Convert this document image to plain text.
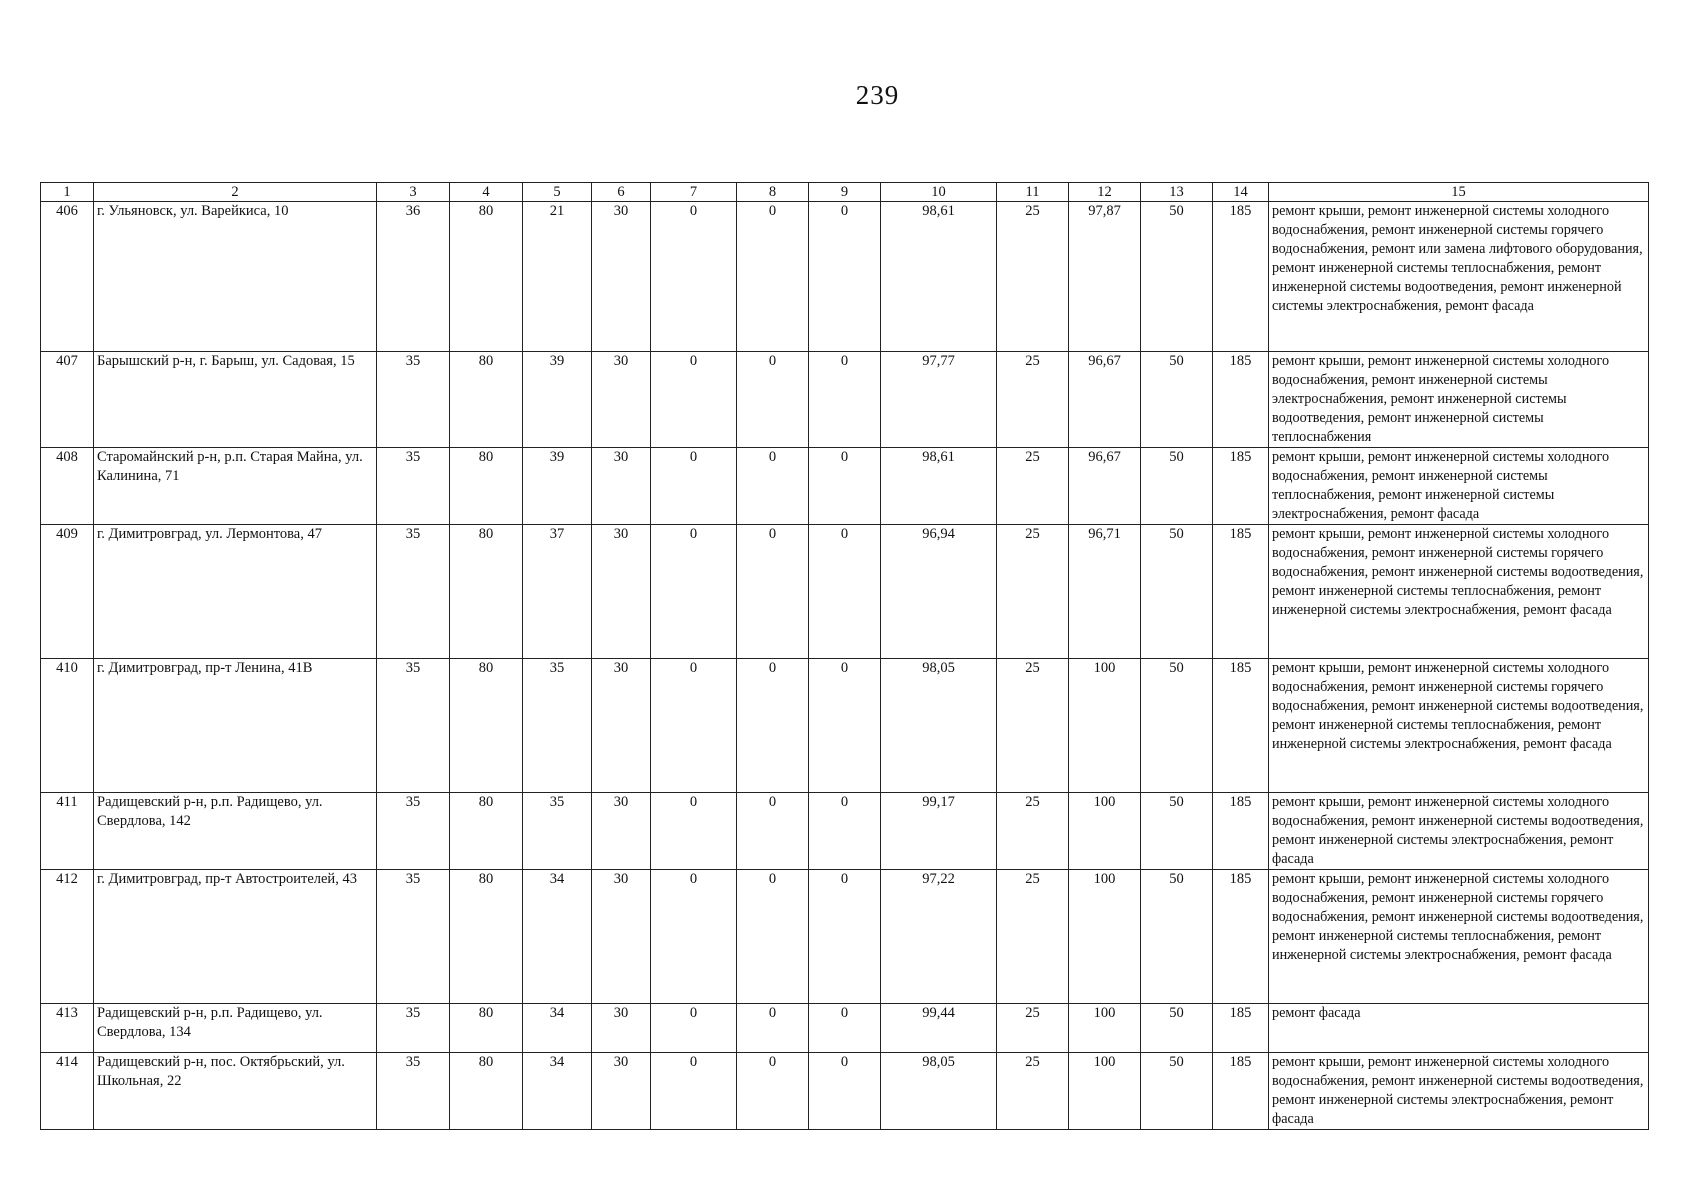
239
1	2	3	4	5	6	7	8	9	10	11	12	13	14	15
406	г. Ульяновск, ул. Варейкиса, 10	36	80	21	30	0	0	0	98,61	25	97,87	50	185	ремонт крыши, ремонт инженерной системы холодного водоснабжения, ремонт инженерной системы горячего водоснабжения, ремонт или замена лифтового оборудования, ремонт инженерной системы теплоснабжения, ремонт инженерной системы водоотведения, ремонт инженерной системы электроснабжения, ремонт фасада
407	Барышский р-н, г. Барыш, ул. Садовая, 15	35	80	39	30	0	0	0	97,77	25	96,67	50	185	ремонт крыши, ремонт инженерной системы холодного водоснабжения, ремонт инженерной системы электроснабжения, ремонт инженерной системы водоотведения, ремонт инженерной системы теплоснабжения
408	Старомайнский р-н, р.п. Старая Майна, ул. Калинина, 71	35	80	39	30	0	0	0	98,61	25	96,67	50	185	ремонт крыши, ремонт инженерной системы холодного водоснабжения, ремонт инженерной системы теплоснабжения, ремонт инженерной системы электроснабжения, ремонт фасада
409	г. Димитровград, ул. Лермонтова, 47	35	80	37	30	0	0	0	96,94	25	96,71	50	185	ремонт крыши, ремонт инженерной системы холодного водоснабжения, ремонт инженерной системы горячего водоснабжения, ремонт инженерной системы водоотведения, ремонт инженерной системы теплоснабжения, ремонт инженерной системы электроснабжения, ремонт фасада
410	г. Димитровград, пр-т Ленина, 41В	35	80	35	30	0	0	0	98,05	25	100	50	185	ремонт крыши, ремонт инженерной системы холодного водоснабжения, ремонт инженерной системы горячего водоснабжения, ремонт инженерной системы водоотведения, ремонт инженерной системы теплоснабжения, ремонт инженерной системы электроснабжения, ремонт фасада
411	Радищевский р-н, р.п. Радищево, ул. Свердлова, 142	35	80	35	30	0	0	0	99,17	25	100	50	185	ремонт крыши, ремонт инженерной системы холодного водоснабжения, ремонт инженерной системы водоотведения, ремонт инженерной системы электроснабжения, ремонт фасада
412	г. Димитровград, пр-т Автостроителей, 43	35	80	34	30	0	0	0	97,22	25	100	50	185	ремонт крыши, ремонт инженерной системы холодного водоснабжения, ремонт инженерной системы горячего водоснабжения, ремонт инженерной системы водоотведения, ремонт инженерной системы теплоснабжения, ремонт инженерной системы электроснабжения, ремонт фасада
413	Радищевский р-н, р.п. Радищево, ул. Свердлова, 134	35	80	34	30	0	0	0	99,44	25	100	50	185	ремонт фасада
414	Радищевский р-н, пос. Октябрьский, ул. Школьная, 22	35	80	34	30	0	0	0	98,05	25	100	50	185	ремонт крыши, ремонт инженерной системы холодного водоснабжения, ремонт инженерной системы водоотведения, ремонт инженерной системы электроснабжения, ремонт фасада
